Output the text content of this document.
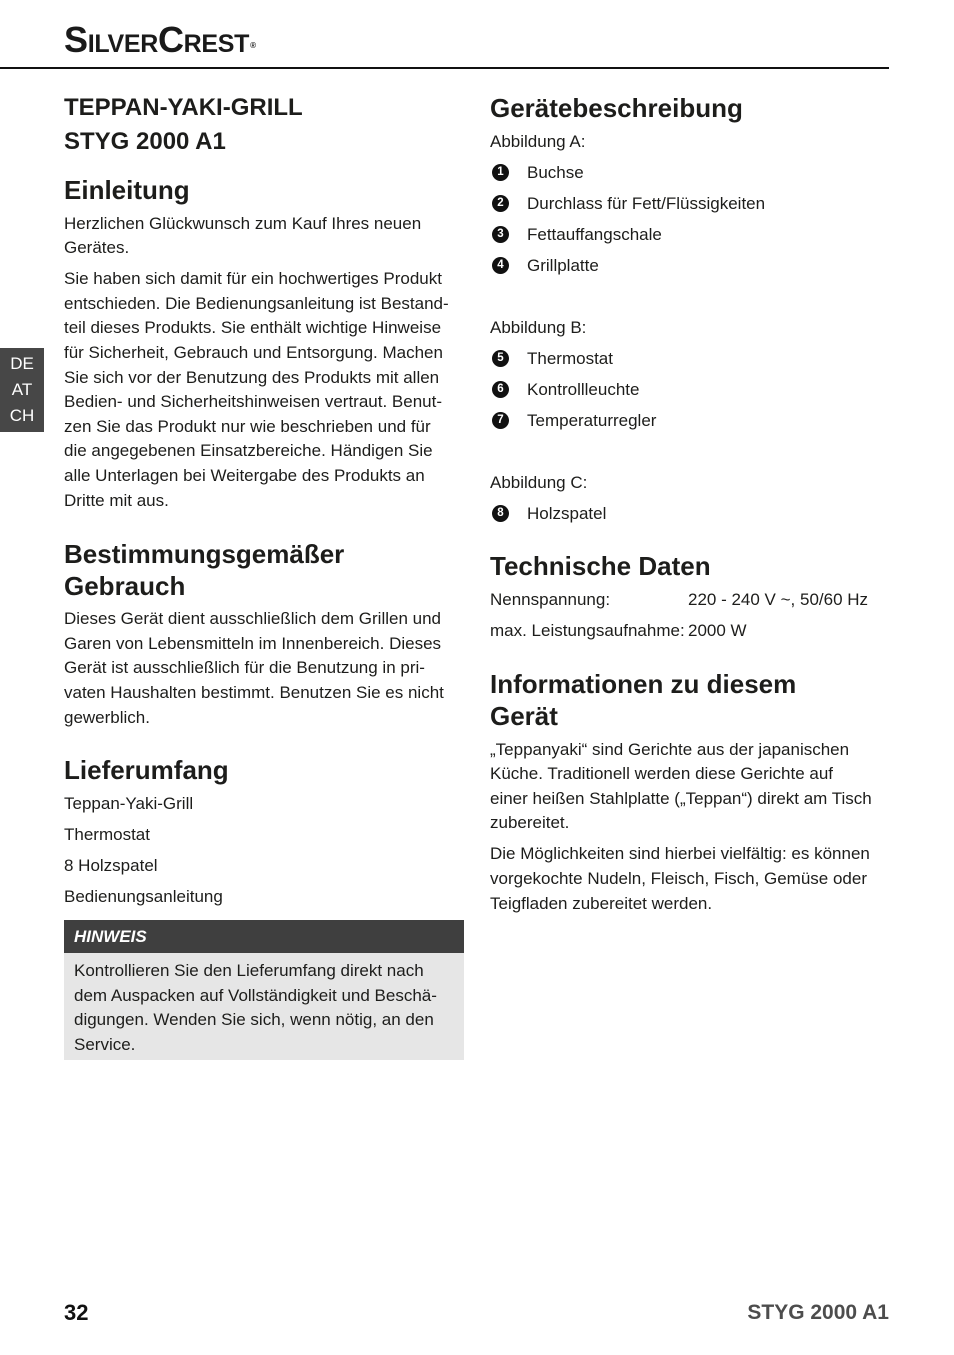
SilverCrest®
DE
AT
CH
TEPPAN-YAKI-GRILL
STYG 2000 A1
Einleitung

Herzlichen Glückwunsch zum Kauf Ihres neuen
Gerätes.

Sie haben sich damit für ein hochwertiges Produkt
entschieden. Die Bedienungsanleitung ist Bestand-
teil dieses Produkts. Sie enthält wichtige Hinweise
für Sicherheit, Gebrauch und Entsorgung. Machen
Sie sich vor der Benutzung des Produkts mit allen
Bedien- und Sicherheitshinweisen vertraut. Benut-
zen Sie das Produkt nur wie beschrieben und für
die angegebenen Einsatzbereiche. Händigen Sie
alle Unterlagen bei Weitergabe des Produkts an
Dritte mit aus.

Bestimmungsgemäßer
Gebrauch

Dieses Gerät dient ausschließlich dem Grillen und
Garen von Lebensmitteln im Innenbereich. Dieses
Gerät ist ausschließlich für die Benutzung in pri-
vaten Haushalten bestimmt. Benutzen Sie es nicht
gewerblich.

Lieferumfang

Teppan-Yaki-Grill

Thermostat

8 Holzspatel

Bedienungsanleitung

HINWEIS
Kontrollieren Sie den Lieferumfang direkt nach
dem Auspacken auf Vollständigkeit und Beschä-
digungen. Wenden Sie sich, wenn nötig, an den
Service.
Gerätebeschreibung

Abbildung A:

1	Buchse
2	Durchlass für Fett/Flüssigkeiten
3	Fettauffangschale
4	Grillplatte

Abbildung B:

5	Thermostat
6	Kontrollleuchte
7	Temperaturregler

Abbildung C:

8	Holzspatel
Technische Daten
Nennspannung:	220 - 240 V ~, 50/60 Hz
max. Leistungsaufnahme: 2000 W
Informationen zu diesem
Gerät

„Teppanyaki“ sind Gerichte aus der japanischen
Küche. Traditionell werden diese Gerichte auf
einer heißen Stahlplatte („Teppan“) direkt am Tisch
zubereitet.

Die Möglichkeiten sind hierbei vielfältig: es können
vorgekochte Nudeln, Fleisch, Fisch, Gemüse oder
Teigfladen zubereitet werden.

32	STYG 2000 A1
